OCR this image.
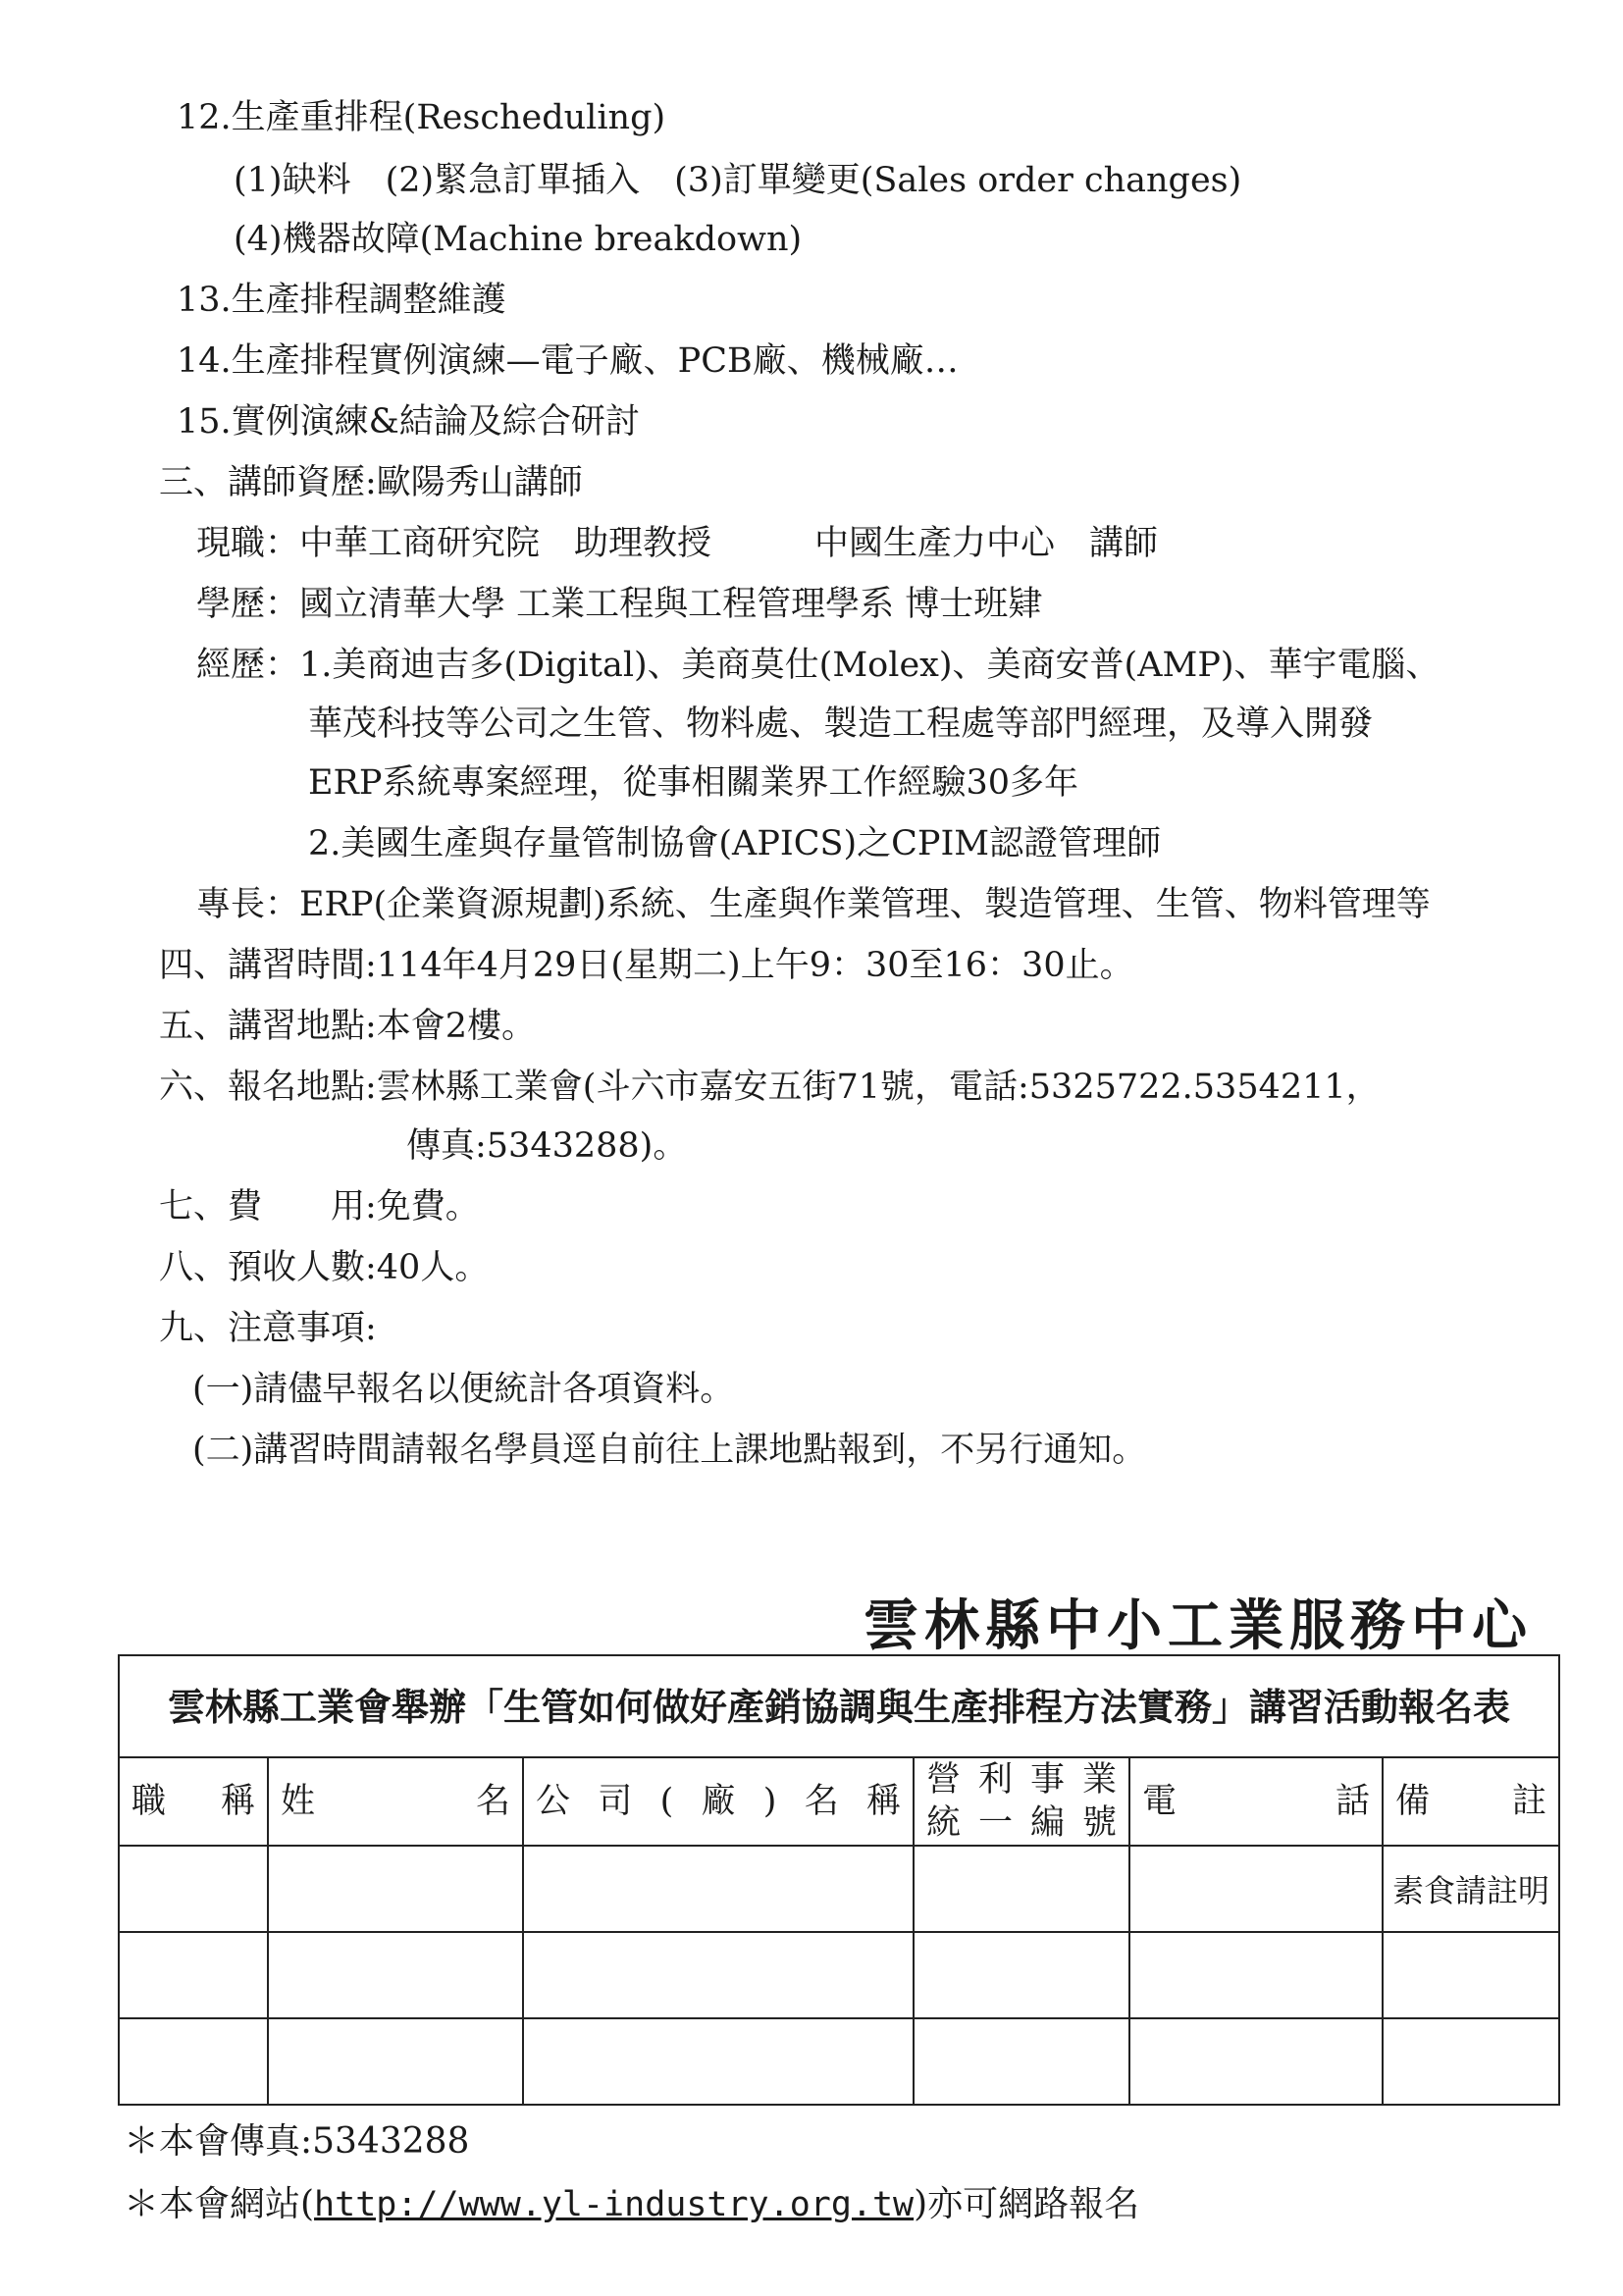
12.生產重排程(Rescheduling)
(1)缺料　(2)緊急訂單插入　(3)訂單變更(Sales order changes)
(4)機器故障(Machine breakdown)
13.生產排程調整維護
14.生產排程實例演練—電子廠、PCB廠、機械廠…
15.實例演練&結論及綜合研討
三、講師資歷:歐陽秀山講師
現職：中華工商研究院　助理教授　　　中國生產力中心　講師
學歷：國立清華大學 工業工程與工程管理學系 博士班肄
經歷：1.美商迪吉多(Digital)、美商莫仕(Molex)、美商安普(AMP)、華宇電腦、
華茂科技等公司之生管、物料處、製造工程處等部門經理，及導入開發
ERP系統專案經理，從事相關業界工作經驗30多年
2.美國生產與存量管制協會(APICS)之CPIM認證管理師
專長：ERP(企業資源規劃)系統、生產與作業管理、製造管理、生管、物料管理等
四、講習時間:114年4月29日(星期二)上午9：30至16：30止。
五、講習地點:本會2樓。
六、報名地點:雲林縣工業會(斗六市嘉安五街71號，電話:5325722.5354211，
傳真:5343288)。
七、費　　用:免費。
八、預收人數:40人。
九、注意事項:
(一)請儘早報名以便統計各項資料。
(二)講習時間請報名學員逕自前往上課地點報到，不另行通知。
雲林縣中小工業服務中心
雲林縣工業會舉辦「生管如何做好產銷協調與生產排程方法實務」講習活動報名表
職 稱 姓	名 公 司 ( 廠 ) 名 稱
營 利 事 業
統 一 編 號
電	話 備 註
素食請註明
＊本會傳真:5343288
＊本會網站(http://www.yl-industry.org.tw)亦可網路報名
